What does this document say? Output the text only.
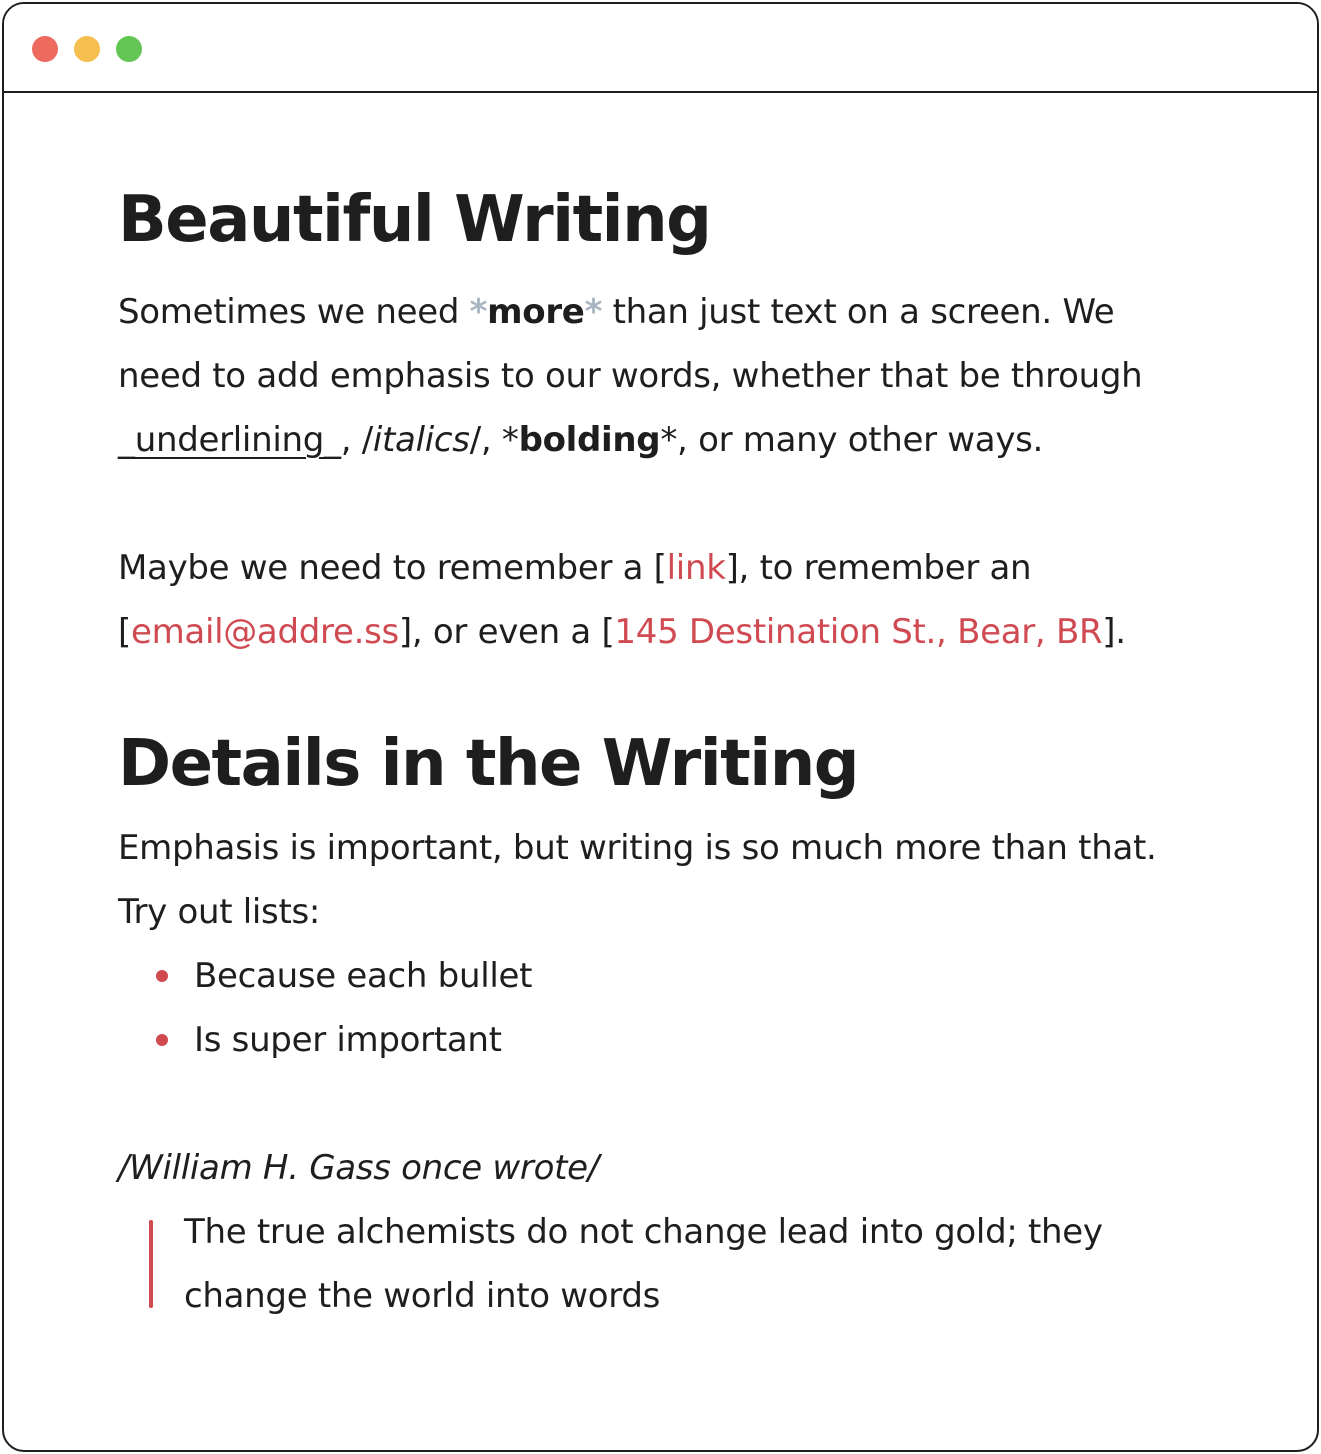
Beautiful Writing

Sometimes we need *more* than just text on a screen. We need to add emphasis to our words, whether that be through _underlining_, /italics/, *bolding*, or many other ways.

Maybe we need to remember a [link], to remember an [email@addre.ss], or even a [145 Destination St., Bear, BR].

Details in the Writing

Emphasis is important, but writing is so much more than that. Try out lists:

Because each bullet
Is super important

/William H. Gass once wrote/

The true alchemists do not change lead into gold; they change the world into words
